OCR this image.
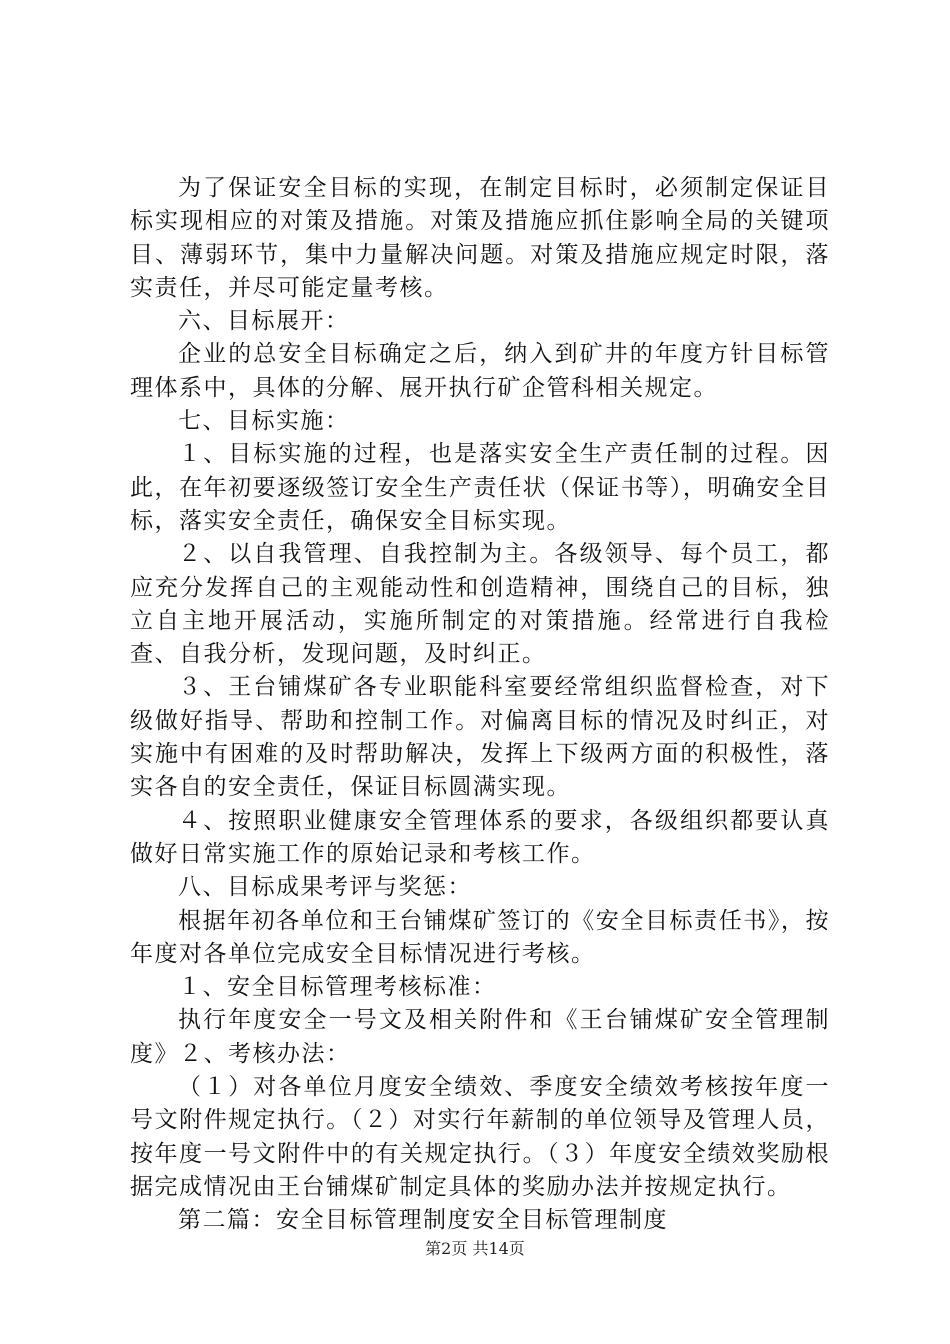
为了保证安全目标的实现，在制定目标时，必须制定保证目标实现相应的对策及措施。对策及措施应抓住影响全局的关键项目、薄弱环节，集中力量解决问题。对策及措施应规定时限，落实责任，并尽可能定量考核。

六、目标展开：

企业的总安全目标确定之后，纳入到矿井的年度方针目标管理体系中，具体的分解、展开执行矿企管科相关规定。

七、目标实施：

１、目标实施的过程，也是落实安全生产责任制的过程。因此，在年初要逐级签订安全生产责任状（保证书等），明确安全目标，落实安全责任，确保安全目标实现。

２、以自我管理、自我控制为主。各级领导、每个员工，都应充分发挥自己的主观能动性和创造精神，围绕自己的目标，独立自主地开展活动，实施所制定的对策措施。经常进行自我检查、自我分析，发现问题，及时纠正。

３、王台铺煤矿各专业职能科室要经常组织监督检查，对下级做好指导、帮助和控制工作。对偏离目标的情况及时纠正，对实施中有困难的及时帮助解决，发挥上下级两方面的积极性，落实各自的安全责任，保证目标圆满实现。

４、按照职业健康安全管理体系的要求，各级组织都要认真做好日常实施工作的原始记录和考核工作。

八、目标成果考评与奖惩：

根据年初各单位和王台铺煤矿签订的《安全目标责任书》，按年度对各单位完成安全目标情况进行考核。

１、安全目标管理考核标准：

执行年度安全一号文及相关附件和《王台铺煤矿安全管理制度》２、考核办法：

（１）对各单位月度安全绩效、季度安全绩效考核按年度一号文附件规定执行。（２）对实行年薪制的单位领导及管理人员，按年度一号文附件中的有关规定执行。（３）年度安全绩效奖励根据完成情况由王台铺煤矿制定具体的奖励办法并按规定执行。

第二篇：安全目标管理制度安全目标管理制度

第2页 共14页
